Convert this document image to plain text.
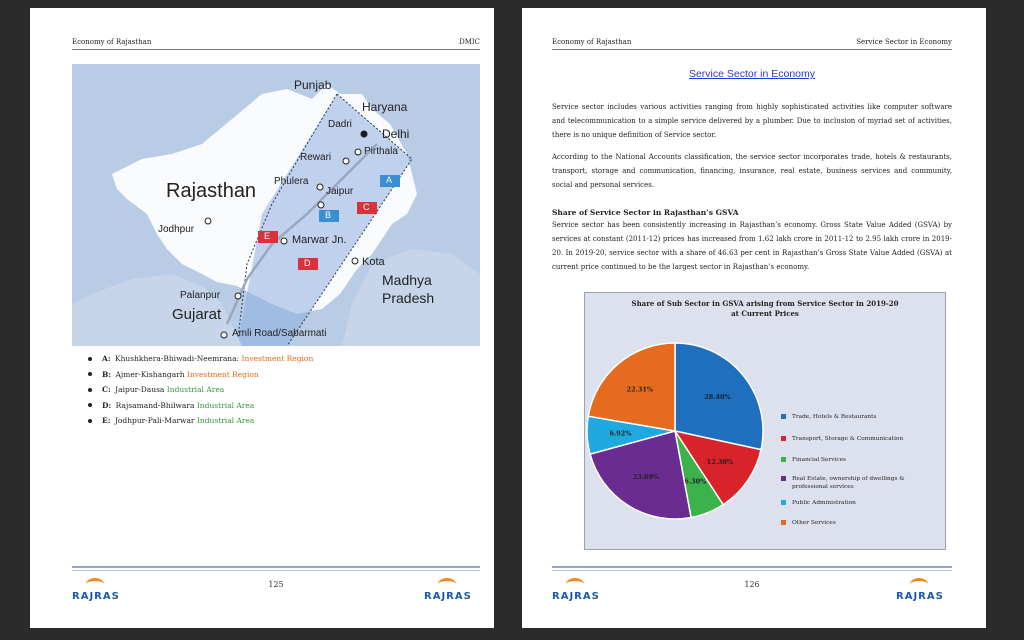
Economy of Rajasthan	DMIC
Punjab
Haryana
Dadri
Delhi
Rewari
Pirthala
Phulera
Jaipur
Rajasthan
Jodhpur
Marwar Jn.
Kota
Madhya
Pradesh
Palanpur
Gujarat
Amli Road/Sabarmati
A
B
C
D
E
A:
Khushkhera-Bhiwadi-Neemrana:
Investment Region
B:
Ajmer-Kishangarh
Investment Region
C:
Jaipur-Dausa
Industrial Area
D:
Rajsamand-Bhilwara
Industrial Area
E:
Jodhpur-Pali-Marwar
Industrial Area
RAJRAS
125
RAJRAS
Economy of Rajasthan	Service Sector in Economy
Service Sector in Economy

Service sector includes various activities ranging from highly sophisticated activities like computer software and telecommunication to a simple service delivered by a plumber. Due to inclusion of myriad set of activities, there is no unique definition of Service sector.

According to the National Accounts classification, the service sector incorporates trade, hotels & restaurants, transport, storage and communication, financing, insurance, real estate, business services and community, social and personal services.

Share of Service Sector in Rajasthan’s GSVA

Service sector has been consistently increasing in Rajasthan’s economy. Gross State Value Added (GSVA) by services at constant (2011-12) prices has increased from 1.62 lakh crore in 2011-12 to 2.95 lakh crore in 2019-20. In 2019-20, service sector with a share of 46.63 per cent in Rajasthan’s Gross State Value Added (GSVA) at current price continued to be the largest sector in Rajasthan’s economy.

Share of Sub Sector in GSVA arising from Service Sector in 2019-20
at Current Prices
28.40%
12.38%
6.30%
23.69%
6.92%
22.31%
Trade, Hotels & Restaurants
Transport, Storage & Communication
Financial Services
Real Estate, ownership of dwellings & professional services
Public Administration
Other Services
RAJRAS
126
RAJRAS
